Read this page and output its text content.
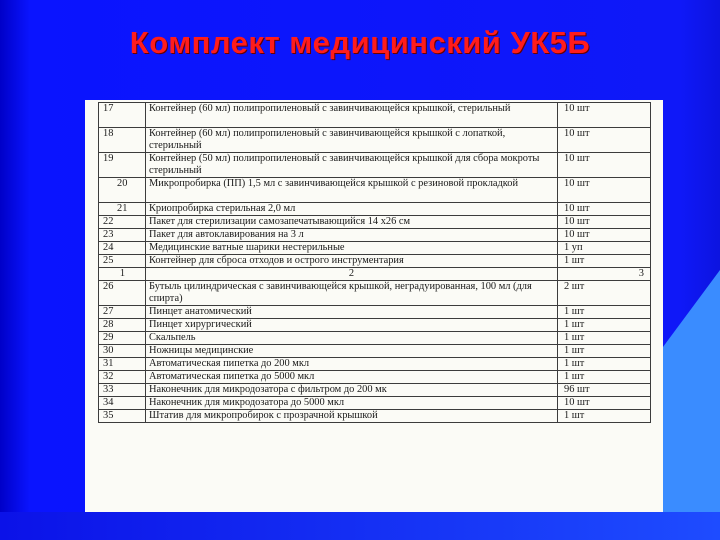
Комплект медицинский УК5Б
17	Контейнер (60 мл) полипропиленовый с завинчивающейся крышкой, стерильный	10 шт
18	Контейнер (60 мл) полипропиленовый с завинчивающейся крышкой с лопаткой, стерильный	10 шт
19	Контейнер (50 мл) полипропиленовый с завинчивающейся крышкой для сбора мокроты стерильный	10 шт
20	Микропробирка (ПП) 1,5 мл с завинчивающейся крышкой с резиновой прокладкой	10 шт
21	Криопробирка стерильная 2,0 мл	10 шт
22	Пакет для стерилизации самозапечатывающийся 14 х26 см	10 шт
23	Пакет для автоклавирования на 3 л	10 шт
24	Медицинские ватные шарики нестерильные	1 уп
25	Контейнер для сброса отходов и острого инструментария	1 шт
1	2	3
26	Бутыль цилиндрическая с завинчивающейся крышкой, неградуированная, 100 мл (для спирта)	2 шт
27	Пинцет анатомический	1 шт
28	Пинцет хирургический	1 шт
29	Скальпель	1 шт
30	Ножницы медицинские	1 шт
31	Автоматическая пипетка до 200 мкл	1 шт
32	Автоматическая пипетка до 5000 мкл	1 шт
33	Наконечник для микродозатора с фильтром до 200 мк	96 шт
34	Наконечник для микродозатора до 5000 мкл	10 шт
35	Штатив для микропробирок с прозрачной крышкой	1 шт
